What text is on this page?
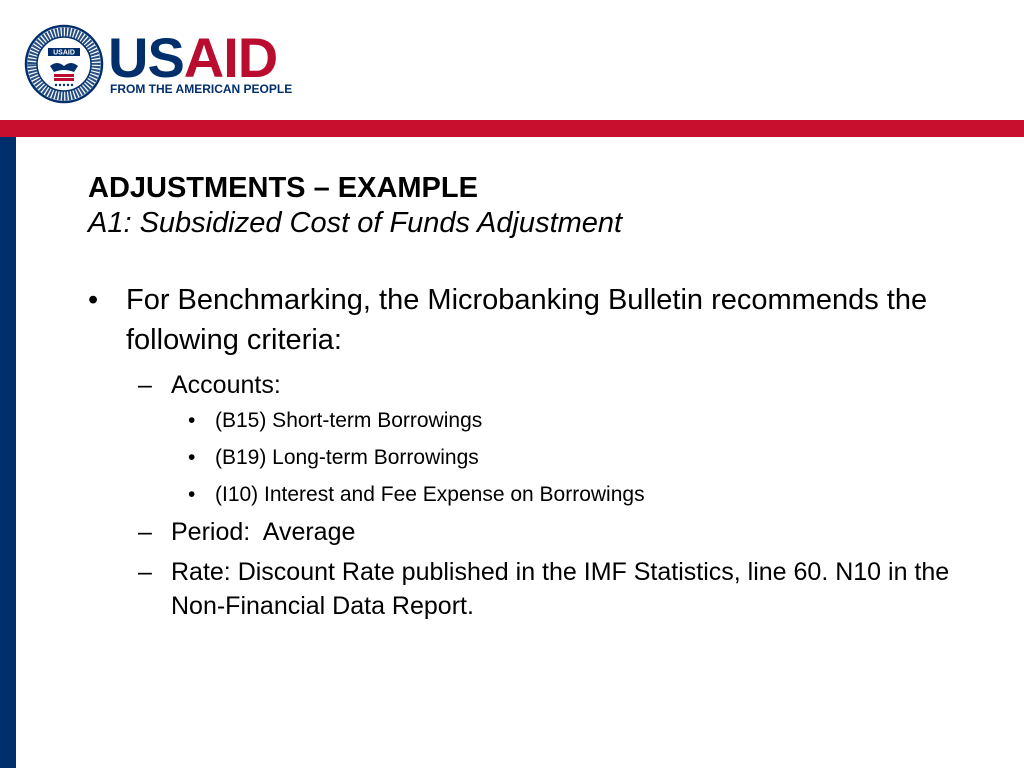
USAID USAID
FROM THE AMERICAN PEOPLE
ADJUSTMENTS – EXAMPLE
A1: Subsidized Cost of Funds Adjustment
• For Benchmarking, the Microbanking Bulletin recommends the following criteria:
– Accounts:
• (B15) Short-term Borrowings
• (B19) Long-term Borrowings
• (I10) Interest and Fee Expense on Borrowings
– Period:  Average
– Rate: Discount Rate published in the IMF Statistics, line 60. N10 in the Non-Financial Data Report.
